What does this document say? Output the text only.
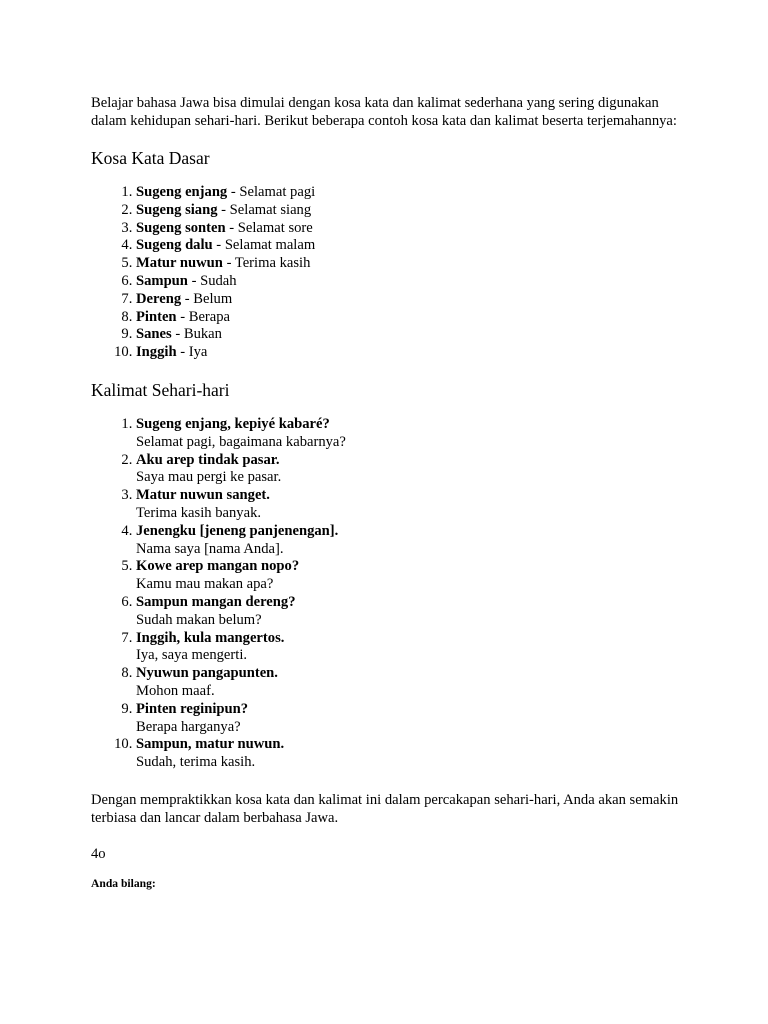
Belajar bahasa Jawa bisa dimulai dengan kosa kata dan kalimat sederhana yang sering digunakan dalam kehidupan sehari-hari. Berikut beberapa contoh kosa kata dan kalimat beserta terjemahannya:

Kosa Kata Dasar
1. Sugeng enjang - Selamat pagi
2. Sugeng siang - Selamat siang
3. Sugeng sonten - Selamat sore
4. Sugeng dalu - Selamat malam
5. Matur nuwun - Terima kasih
6. Sampun - Sudah
7. Dereng - Belum
8. Pinten - Berapa
9. Sanes - Bukan
10. Inggih - Iya
Kalimat Sehari-hari
1. Sugeng enjang, kepiyé kabaré?
Selamat pagi, bagaimana kabarnya?
2. Aku arep tindak pasar.
Saya mau pergi ke pasar.
3. Matur nuwun sanget.
Terima kasih banyak.
4. Jenengku [jeneng panjenengan].
Nama saya [nama Anda].
5. Kowe arep mangan nopo?
Kamu mau makan apa?
6. Sampun mangan dereng?
Sudah makan belum?
7. Inggih, kula mangertos.
Iya, saya mengerti.
8. Nyuwun pangapunten.
Mohon maaf.
9. Pinten reginipun?
Berapa harganya?
10. Sampun, matur nuwun.
Sudah, terima kasih.

Dengan mempraktikkan kosa kata dan kalimat ini dalam percakapan sehari-hari, Anda akan semakin terbiasa dan lancar dalam berbahasa Jawa.

4o

Anda bilang:
